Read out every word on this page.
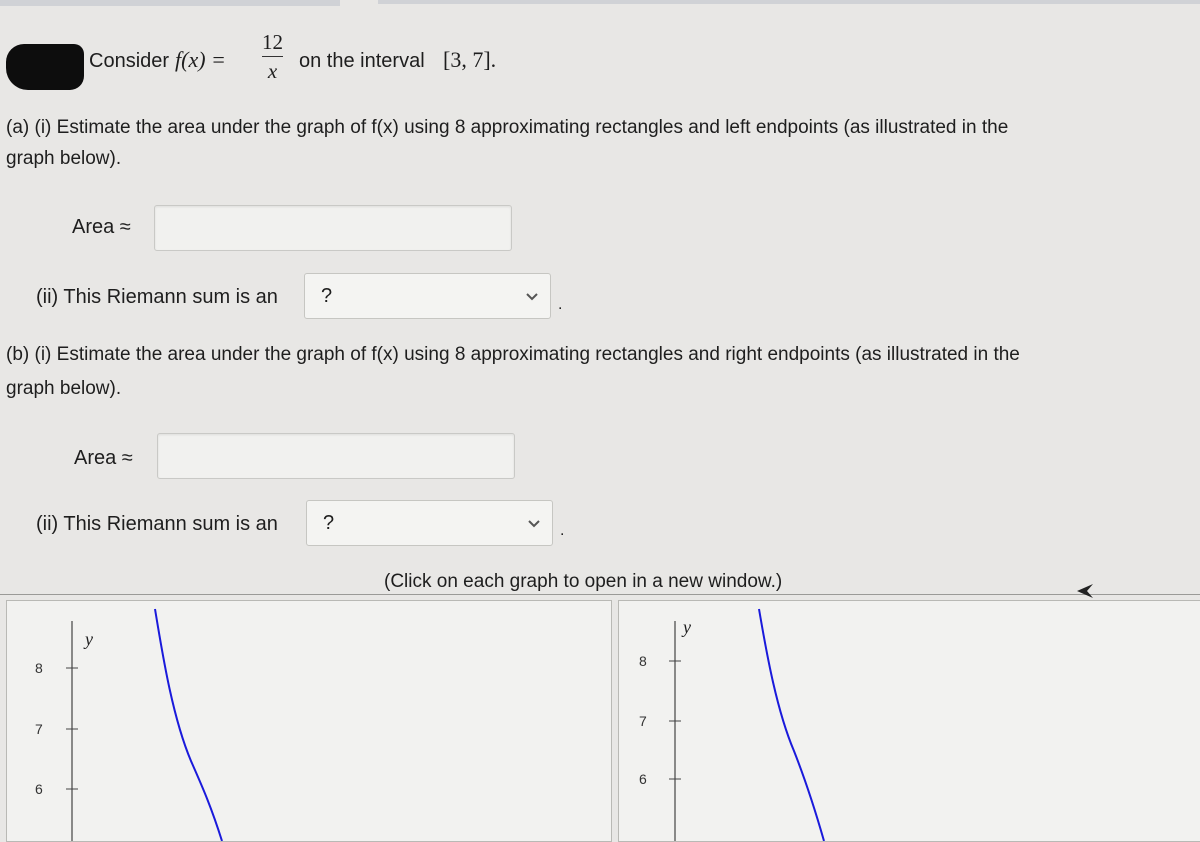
Consider f(x) =
12
x on the interval [3, 7].
(a) (i) Estimate the area under the graph of f(x) using 8 approximating rectangles and left endpoints (as illustrated in the
graph below).
Area ≈
(ii) This Riemann sum is an ?	.
(b) (i) Estimate the area under the graph of f(x) using 8 approximating rectangles and right endpoints (as illustrated in the
graph below).
Area ≈
(ii) This Riemann sum is an ?	.
(Click on each graph to open in a new window.)
y
8
7
6
y
8
7
6
